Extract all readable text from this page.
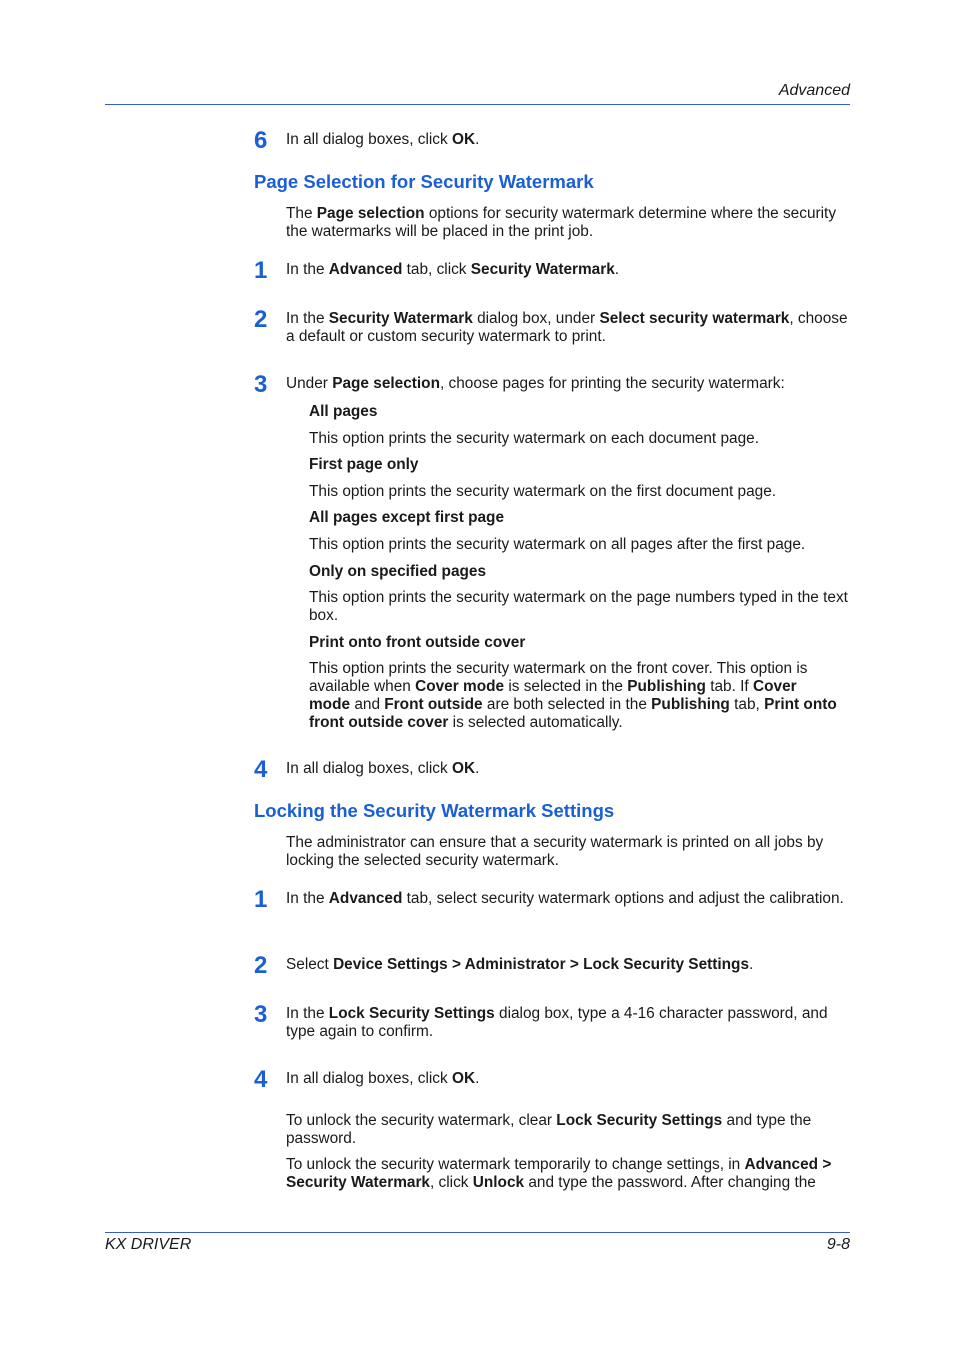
Advanced
6 In all dialog boxes, click OK.
Page Selection for Security Watermark
The Page selection options for security watermark determine where the security the watermarks will be placed in the print job.
1 In the Advanced tab, click Security Watermark.
2 In the Security Watermark dialog box, under Select security watermark, choose a default or custom security watermark to print.
3 Under Page selection, choose pages for printing the security watermark:
All pages
This option prints the security watermark on each document page.
First page only
This option prints the security watermark on the first document page.
All pages except first page
This option prints the security watermark on all pages after the first page.
Only on specified pages
This option prints the security watermark on the page numbers typed in the text box.
Print onto front outside cover
This option prints the security watermark on the front cover. This option is available when Cover mode is selected in the Publishing tab. If Cover mode and Front outside are both selected in the Publishing tab, Print onto front outside cover is selected automatically.
4 In all dialog boxes, click OK.
Locking the Security Watermark Settings
The administrator can ensure that a security watermark is printed on all jobs by locking the selected security watermark.
1 In the Advanced tab, select security watermark options and adjust the calibration.
2 Select Device Settings > Administrator > Lock Security Settings.
3 In the Lock Security Settings dialog box, type a 4-16 character password, and type again to confirm.
4 In all dialog boxes, click OK.
To unlock the security watermark, clear Lock Security Settings and type the password.
To unlock the security watermark temporarily to change settings, in Advanced > Security Watermark, click Unlock and type the password. After changing the
KX DRIVER	9-8
